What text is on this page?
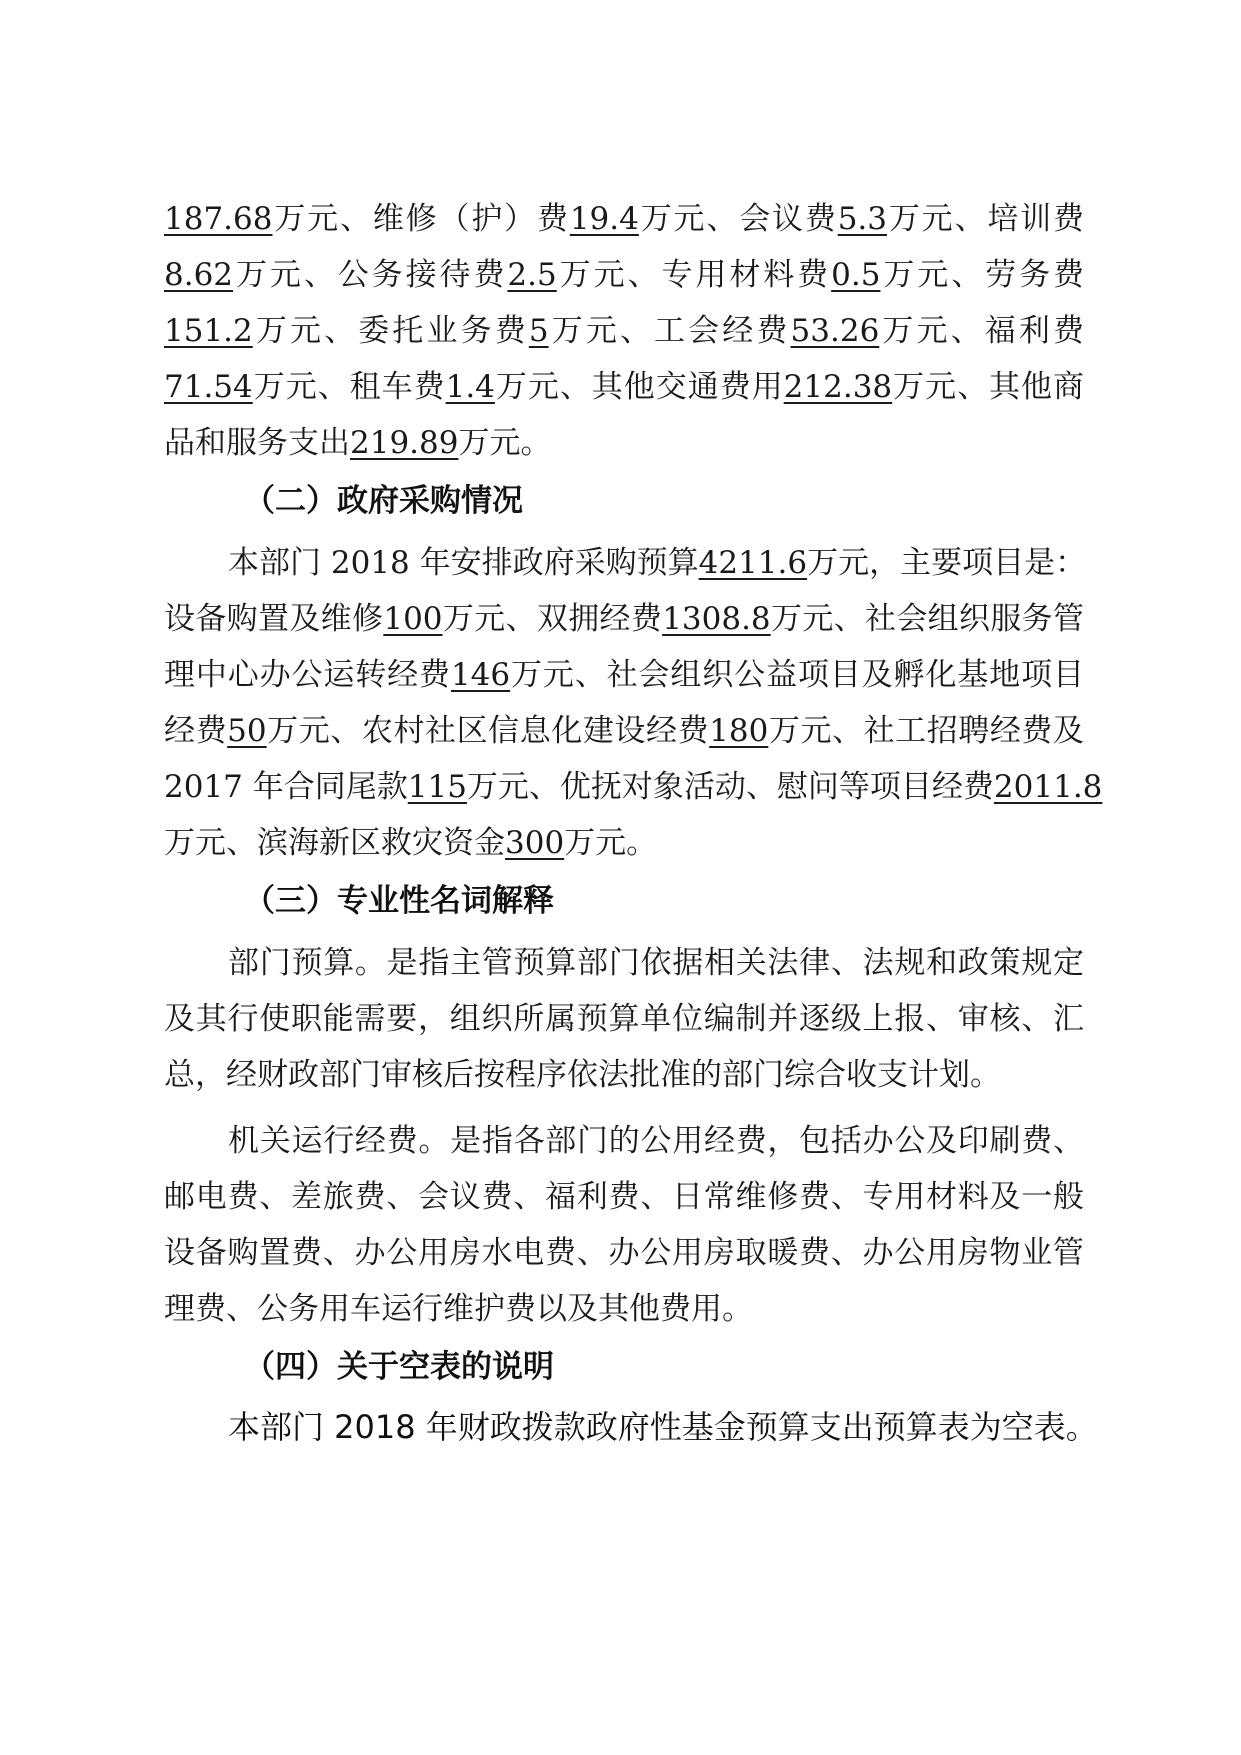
187.68万元、维修（护）费19.4万元、会议费5.3万元、培训费
8.62万元、公务接待费2.5万元、专用材料费0.5万元、劳务费
151.2万元、委托业务费5万元、工会经费53.26万元、福利费
71.54万元、租车费1.4万元、其他交通费用212.38万元、其他商
品和服务支出219.89万元。
（二）政府采购情况
本部门 2018 年安排政府采购预算4211.6万元，主要项目是：
设备购置及维修100万元、双拥经费1308.8万元、社会组织服务管
理中心办公运转经费146万元、社会组织公益项目及孵化基地项目
经费50万元、农村社区信息化建设经费180万元、社工招聘经费及
2017 年合同尾款115万元、优抚对象活动、慰问等项目经费2011.8
万元、滨海新区救灾资金300万元。
（三）专业性名词解释
部门预算。是指主管预算部门依据相关法律、法规和政策规定
及其行使职能需要，组织所属预算单位编制并逐级上报、审核、汇
总，经财政部门审核后按程序依法批准的部门综合收支计划。
机关运行经费。是指各部门的公用经费，包括办公及印刷费、
邮电费、差旅费、会议费、福利费、日常维修费、专用材料及一般
设备购置费、办公用房水电费、办公用房取暖费、办公用房物业管
理费、公务用车运行维护费以及其他费用。
（四）关于空表的说明
本部门 2018 年财政拨款政府性基金预算支出预算表为空表。
